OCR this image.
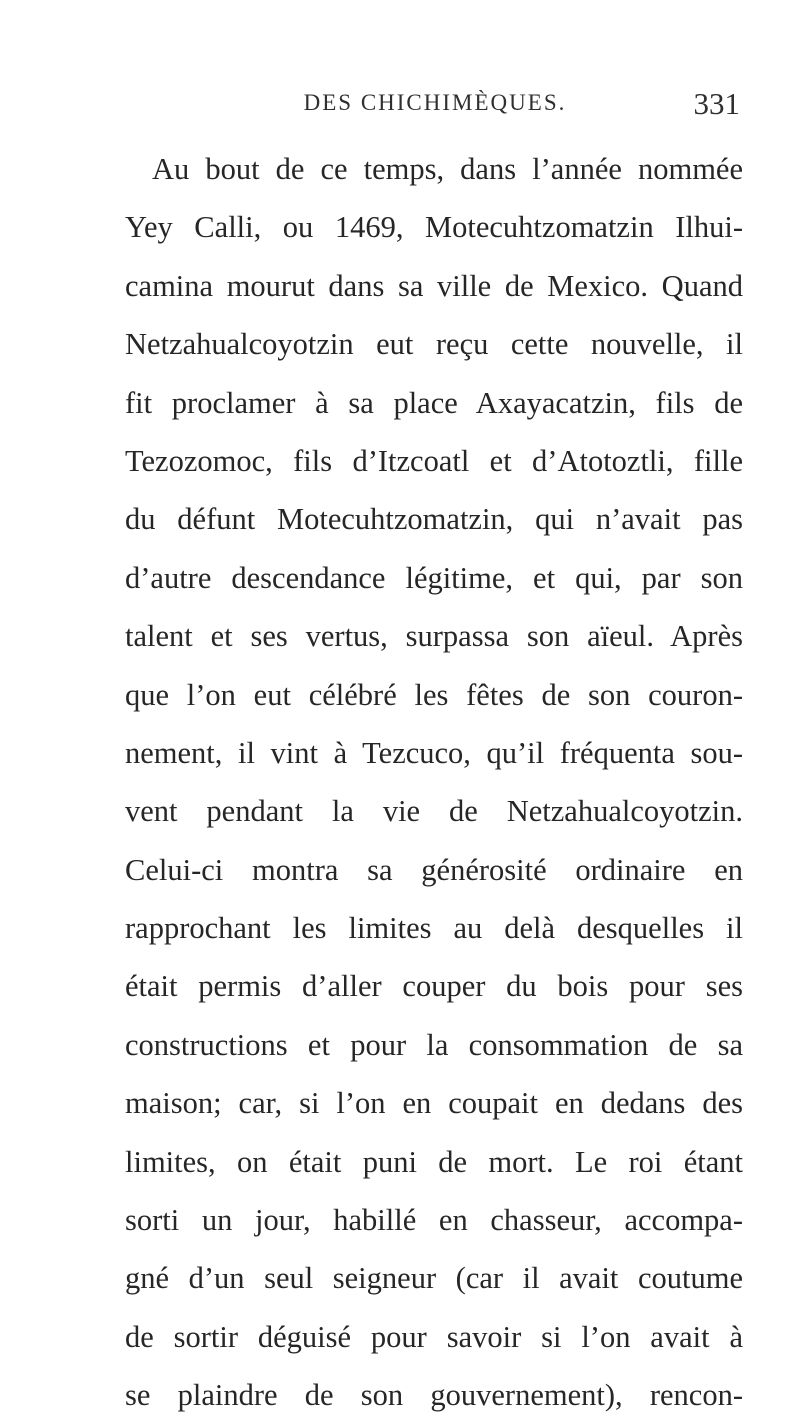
DES CHICHIMÈQUES.	331
Au bout de ce temps, dans l’année nommée
Yey Calli, ou 1469, Motecuhtzomatzin Ilhui-
camina mourut dans sa ville de Mexico. Quand
Netzahualcoyotzin eut reçu cette nouvelle, il
fit proclamer à sa place Axayacatzin, fils de
Tezozomoc, fils d’Itzcoatl et d’Atotoztli, fille
du défunt Motecuhtzomatzin, qui n’avait pas
d’autre descendance légitime, et qui, par son
talent et ses vertus, surpassa son aïeul. Après
que l’on eut célébré les fêtes de son couron-
nement, il vint à Tezcuco, qu’il fréquenta sou-
vent pendant la vie de Netzahualcoyotzin.
Celui-ci montra sa générosité ordinaire en
rapprochant les limites au delà desquelles il
était permis d’aller couper du bois pour ses
constructions et pour la consommation de sa
maison; car, si l’on en coupait en dedans des
limites, on était puni de mort. Le roi étant
sorti un jour, habillé en chasseur, accompa-
gné d’un seul seigneur (car il avait coutume
de sortir déguisé pour savoir si l’on avait à
se plaindre de son gouvernement), rencon-
